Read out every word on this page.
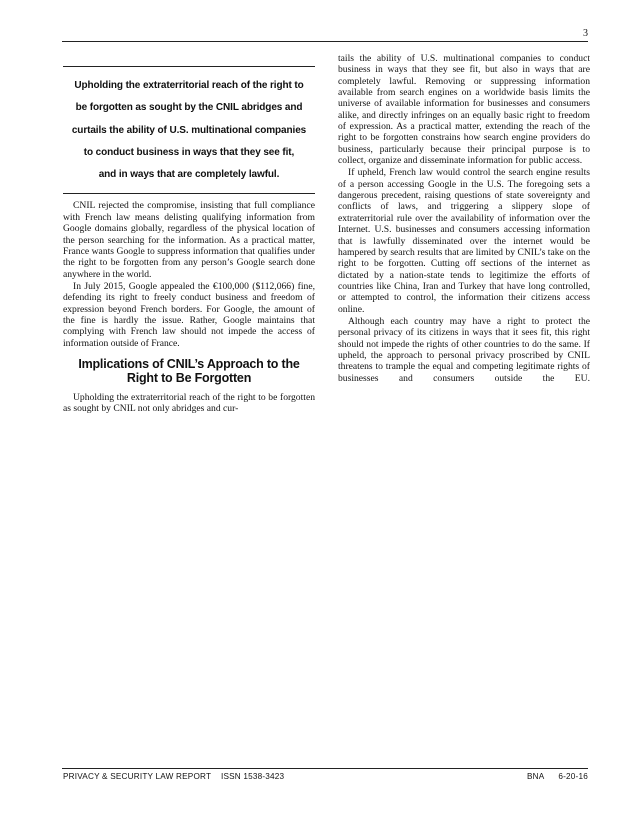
3
Upholding the extraterritorial reach of the right to
be forgotten as sought by the CNIL abridges and
curtails the ability of U.S. multinational companies
to conduct business in ways that they see fit,
and in ways that are completely lawful.

CNIL rejected the compromise, insisting that full compliance with French law means delisting qualifying information from Google domains globally, regardless of the physical location of the person searching for the information. As a practical matter, France wants Google to suppress information that qualifies under the right to be forgotten from any person’s Google search done anywhere in the world.

In July 2015, Google appealed the €100,000 ($112,066) fine, defending its right to freely conduct business and freedom of expression beyond French borders. For Google, the amount of the fine is hardly the issue. Rather, Google maintains that complying with French law should not impede the access of information outside of France.

Implications of CNIL’s Approach to the Right to Be Forgotten

Upholding the extraterritorial reach of the right to be forgotten as sought by CNIL not only abridges and cur-

tails the ability of U.S. multinational companies to conduct business in ways that they see fit, but also in ways that are completely lawful. Removing or suppressing information available from search engines on a worldwide basis limits the universe of available information for businesses and consumers alike, and directly infringes on an equally basic right to freedom of expression. As a practical matter, extending the reach of the right to be forgotten constrains how search engine providers do business, particularly because their principal purpose is to collect, organize and disseminate information for public access.

If upheld, French law would control the search engine results of a person accessing Google in the U.S. The foregoing sets a dangerous precedent, raising questions of state sovereignty and conflicts of laws, and triggering a slippery slope of extraterritorial rule over the availability of information over the Internet. U.S. businesses and consumers accessing information that is lawfully disseminated over the internet would be hampered by search results that are limited by CNIL’s take on the right to be forgotten. Cutting off sections of the internet as dictated by a nation-state tends to legitimize the efforts of countries like China, Iran and Turkey that have long controlled, or attempted to control, the information their citizens access online.

Although each country may have a right to protect the personal privacy of its citizens in ways that it sees fit, this right should not impede the rights of other countries to do the same. If upheld, the approach to personal privacy proscribed by CNIL threatens to trample the equal and competing legitimate rights of businesses and consumers outside the EU.

PRIVACY & SECURITY LAW REPORT ISSN 1538-3423	BNA 6-20-16
